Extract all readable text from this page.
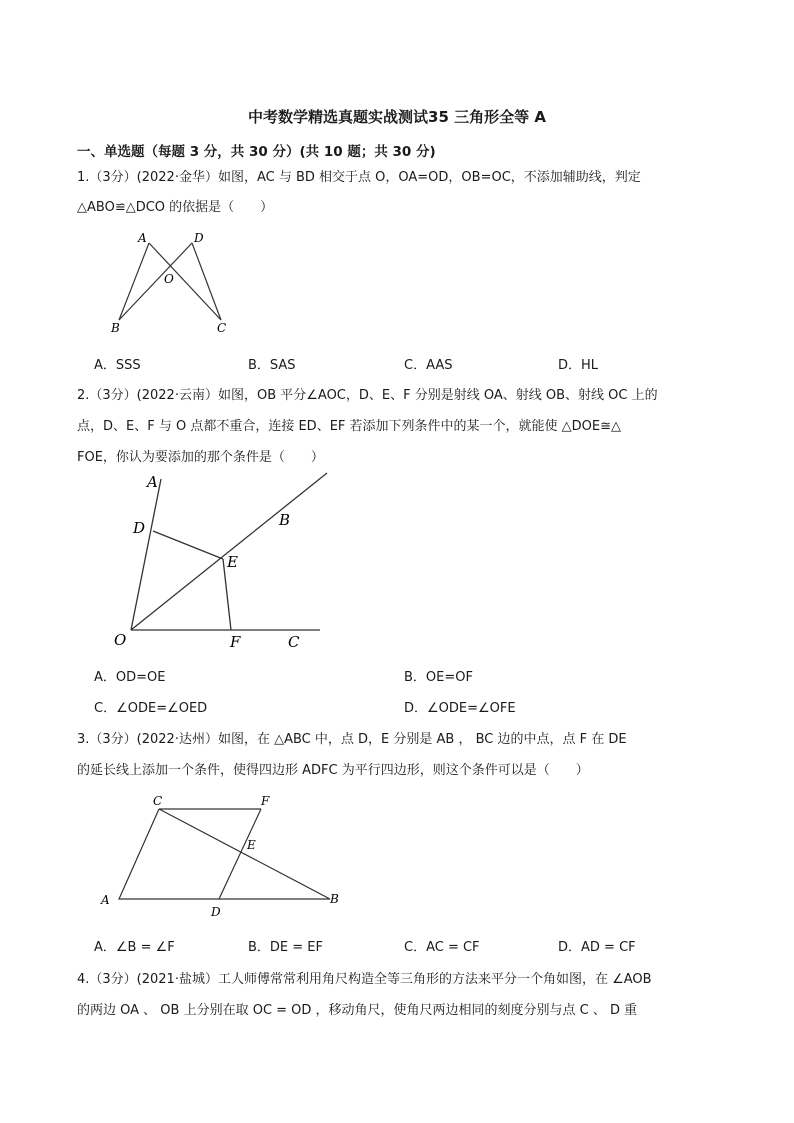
中考数学精选真题实战测试35 三角形全等 A
一、单选题（每题 3 分，共 30 分）(共 10 题；共 30 分)
1.（3分）(2022·金华）如图，AC 与 BD 相交于点 O，OA=OD，OB=OC，不添加辅助线，判定
△ABO≌△DCO 的依据是（　　）
A	D
O
B	C
A．SSS	B．SAS	C．AAS	D．HL
2.（3分）(2022·云南）如图，OB 平分∠AOC，D、E、F 分别是射线 OA、射线 OB、射线 OC 上的
点，D、E、F 与 O 点都不重合，连接 ED、EF 若添加下列条件中的某一个，就能使 △DOE≅△
FOE，你认为要添加的那个条件是（　　）
A
D	B
E
O	F	C
A．OD=OE	B．OE=OF
C．∠ODE=∠OED	D．∠ODE=∠OFE
3.（3分）(2022·达州）如图，在 △ABC 中，点 D，E 分别是 AB ， BC 边的中点，点 F 在 DE
的延长线上添加一个条件，使得四边形 ADFC 为平行四边形，则这个条件可以是（　　）
C	F
E
A
D
B
A．∠B = ∠F	B．DE = EF	C．AC = CF	D．AD = CF
4.（3分）(2021·盐城）工人师傅常常利用角尺构造全等三角形的方法来平分一个角如图，在 ∠AOB
的两边 OA 、 OB 上分别在取 OC = OD ，移动角尺，使角尺两边相同的刻度分别与点 C 、 D 重
